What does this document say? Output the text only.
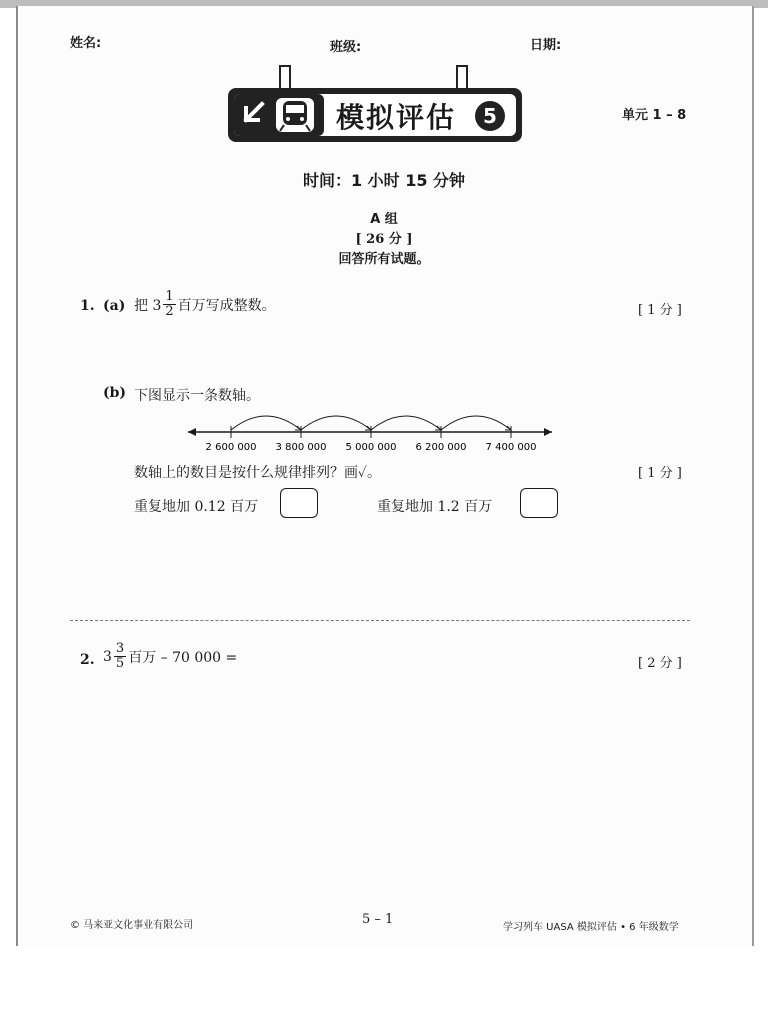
姓名:	班级:	日期:
模拟评估	5	单元 1 – 8
时间：1 小时 15 分钟
A 组
[ 26 分 ]
回答所有试题。
1. (a) 把 $3 \frac{1}{2}$ 百万写成整数。	[ 1 分 ]
(b) 下图显示一条数轴。
2 600 000 3 800 000 5 000 000 6 200 000 7 400 000
数轴上的数目是按什么规律排列？画✓。	[ 1 分 ]
重复地加 0.12 百万	重复地加 1.2 百万
2. $3 \frac{3}{5}$ 百万 – 70 000 =	[ 2 分 ]
© 马来亚文化事业有限公司	5 – 1
学习列车 UASA 模拟评估 • 6 年级数学
